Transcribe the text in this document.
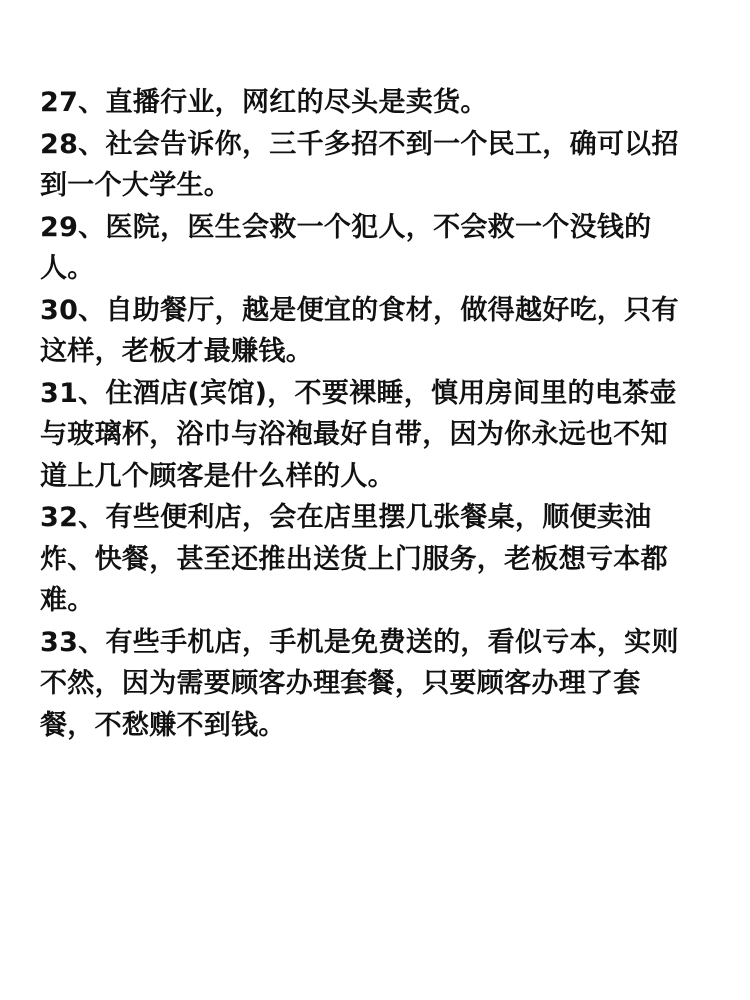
27、直播行业，网红的尽头是卖货。
28、社会告诉你，三千多招不到一个民工，确可以招
到一个大学生。
29、医院，医生会救一个犯人，不会救一个没钱的
人。
30、自助餐厅，越是便宜的食材，做得越好吃，只有
这样，老板才最赚钱。
31、住酒店(宾馆)，不要裸睡，慎用房间里的电茶壶
与玻璃杯，浴巾与浴袍最好自带，因为你永远也不知
道上几个顾客是什么样的人。
32、有些便利店，会在店里摆几张餐桌，顺便卖油
炸、快餐，甚至还推出送货上门服务，老板想亏本都
难。
33、有些手机店，手机是免费送的，看似亏本，实则
不然，因为需要顾客办理套餐，只要顾客办理了套
餐，不愁赚不到钱。
